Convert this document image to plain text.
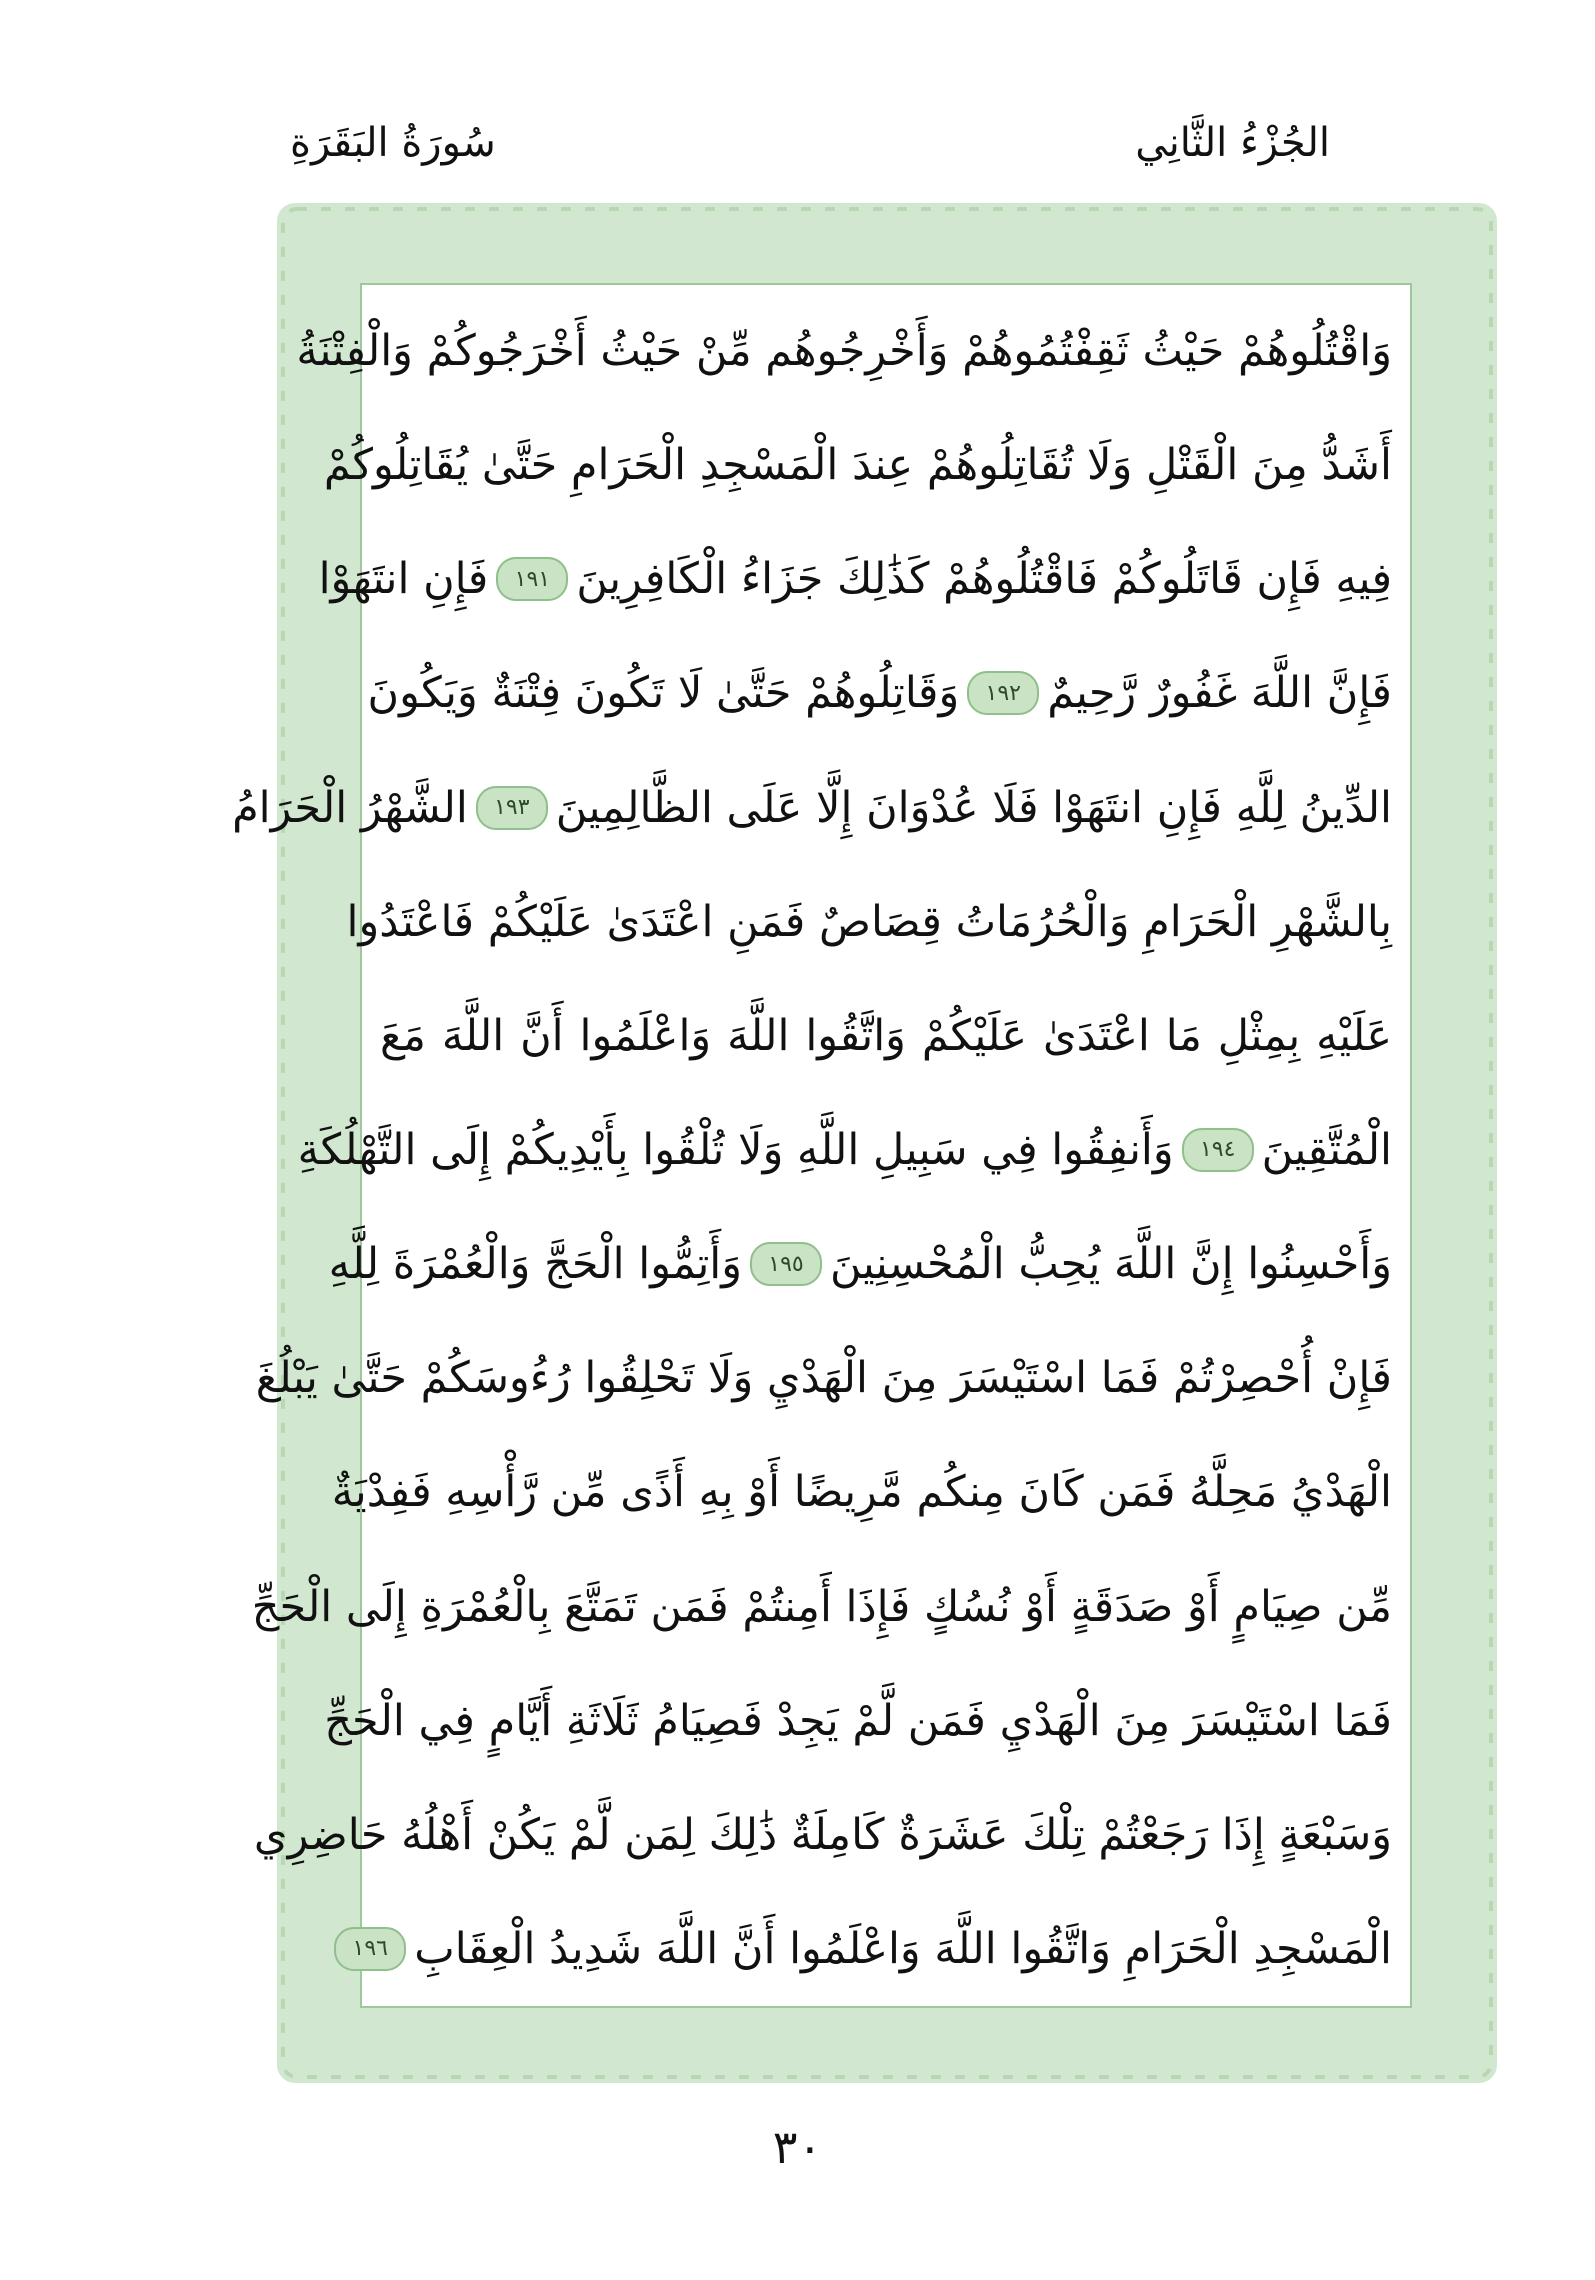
الجُزْءُ الثَّانِي
سُورَةُ البَقَرَةِ
وَاقْتُلُوهُمْ حَيْثُ ثَقِفْتُمُوهُمْ وَأَخْرِجُوهُم مِّنْ حَيْثُ أَخْرَجُوكُمْ وَالْفِتْنَةُ
أَشَدُّ مِنَ الْقَتْلِ وَلَا تُقَاتِلُوهُمْ عِندَ الْمَسْجِدِ الْحَرَامِ حَتَّىٰ يُقَاتِلُوكُمْ
فِيهِ فَإِن قَاتَلُوكُمْ فَاقْتُلُوهُمْ كَذَٰلِكَ جَزَاءُ الْكَافِرِينَ
١٩١
فَإِنِ انتَهَوْا
فَإِنَّ اللَّهَ غَفُورٌ رَّحِيمٌ
١٩٢
وَقَاتِلُوهُمْ حَتَّىٰ لَا تَكُونَ فِتْنَةٌ وَيَكُونَ
الدِّينُ لِلَّهِ فَإِنِ انتَهَوْا فَلَا عُدْوَانَ إِلَّا عَلَى الظَّالِمِينَ
١٩٣
الشَّهْرُ الْحَرَامُ
بِالشَّهْرِ الْحَرَامِ وَالْحُرُمَاتُ قِصَاصٌ فَمَنِ اعْتَدَىٰ عَلَيْكُمْ فَاعْتَدُوا
عَلَيْهِ بِمِثْلِ مَا اعْتَدَىٰ عَلَيْكُمْ وَاتَّقُوا اللَّهَ وَاعْلَمُوا أَنَّ اللَّهَ مَعَ
الْمُتَّقِينَ
١٩٤
وَأَنفِقُوا فِي سَبِيلِ اللَّهِ وَلَا تُلْقُوا بِأَيْدِيكُمْ إِلَى التَّهْلُكَةِ
وَأَحْسِنُوا إِنَّ اللَّهَ يُحِبُّ الْمُحْسِنِينَ
١٩٥
وَأَتِمُّوا الْحَجَّ وَالْعُمْرَةَ لِلَّهِ
فَإِنْ أُحْصِرْتُمْ فَمَا اسْتَيْسَرَ مِنَ الْهَدْيِ وَلَا تَحْلِقُوا رُءُوسَكُمْ حَتَّىٰ يَبْلُغَ
الْهَدْيُ مَحِلَّهُ فَمَن كَانَ مِنكُم مَّرِيضًا أَوْ بِهِ أَذًى مِّن رَّأْسِهِ فَفِدْيَةٌ
مِّن صِيَامٍ أَوْ صَدَقَةٍ أَوْ نُسُكٍ فَإِذَا أَمِنتُمْ فَمَن تَمَتَّعَ بِالْعُمْرَةِ إِلَى الْحَجِّ
فَمَا اسْتَيْسَرَ مِنَ الْهَدْيِ فَمَن لَّمْ يَجِدْ فَصِيَامُ ثَلَاثَةِ أَيَّامٍ فِي الْحَجِّ
وَسَبْعَةٍ إِذَا رَجَعْتُمْ تِلْكَ عَشَرَةٌ كَامِلَةٌ ذَٰلِكَ لِمَن لَّمْ يَكُنْ أَهْلُهُ حَاضِرِي
الْمَسْجِدِ الْحَرَامِ وَاتَّقُوا اللَّهَ وَاعْلَمُوا أَنَّ اللَّهَ شَدِيدُ الْعِقَابِ
١٩٦
٣٠
